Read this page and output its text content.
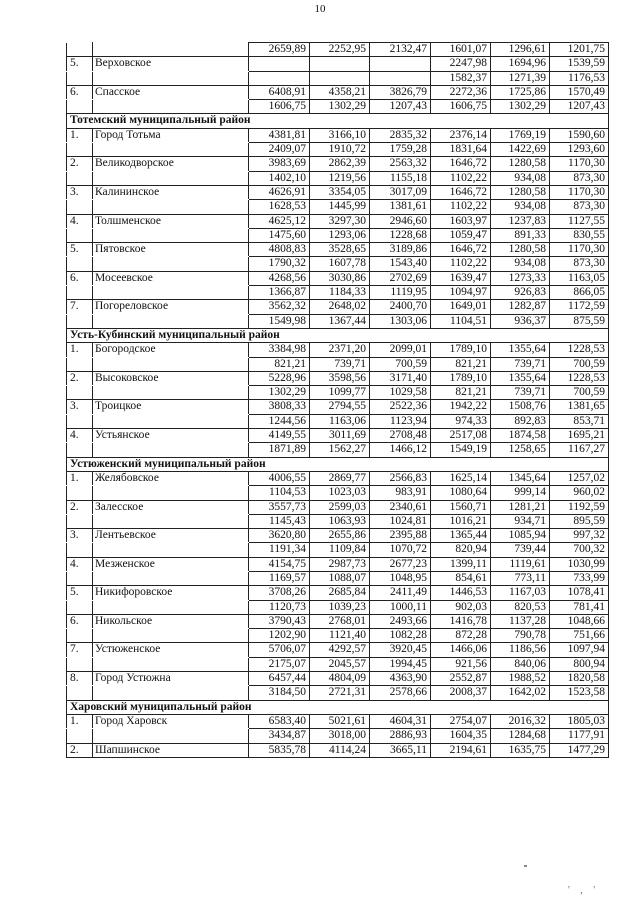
10
		2659,89	2252,95	2132,47	1601,07	1296,61	1201,75
5.	Верховское				2247,98	1694,96	1539,59
					1582,37	1271,39	1176,53
6.	Спасское	6408,91	4358,21	3826,79	2272,36	1725,86	1570,49
		1606,75	1302,29	1207,43	1606,75	1302,29	1207,43
Тотемский муниципальный район							
1.	Город Тотьма	4381,81	3166,10	2835,32	2376,14	1769,19	1590,60
		2409,07	1910,72	1759,28	1831,64	1422,69	1293,60
2.	Великодворское	3983,69	2862,39	2563,32	1646,72	1280,58	1170,30
		1402,10	1219,56	1155,18	1102,22	934,08	873,30
3.	Калининское	4626,91	3354,05	3017,09	1646,72	1280,58	1170,30
		1628,53	1445,99	1381,61	1102,22	934,08	873,30
4.	Толшменское	4625,12	3297,30	2946,60	1603,97	1237,83	1127,55
		1475,60	1293,06	1228,68	1059,47	891,33	830,55
5.	Пятовское	4808,83	3528,65	3189,86	1646,72	1280,58	1170,30
		1790,32	1607,78	1543,40	1102,22	934,08	873,30
6.	Мосеевское	4268,56	3030,86	2702,69	1639,47	1273,33	1163,05
		1366,87	1184,33	1119,95	1094,97	926,83	866,05
7.	Погореловское	3562,32	2648,02	2400,70	1649,01	1282,87	1172,59
		1549,98	1367,44	1303,06	1104,51	936,37	875,59
Усть-Кубинский муниципальный район							
1.	Богородское	3384,98	2371,20	2099,01	1789,10	1355,64	1228,53
		821,21	739,71	700,59	821,21	739,71	700,59
2.	Высоковское	5228,96	3598,56	3171,40	1789,10	1355,64	1228,53
		1302,29	1099,77	1029,58	821,21	739,71	700,59
3.	Троицкое	3808,33	2794,55	2522,36	1942,22	1508,76	1381,65
		1244,56	1163,06	1123,94	974,33	892,83	853,71
4.	Устьянское	4149,55	3011,69	2708,48	2517,08	1874,58	1695,21
		1871,89	1562,27	1466,12	1549,19	1258,65	1167,27
Устюженский муниципальный район							
1.	Желябовское	4006,55	2869,77	2566,83	1625,14	1345,64	1257,02
		1104,53	1023,03	983,91	1080,64	999,14	960,02
2.	Залесское	3557,73	2599,03	2340,61	1560,71	1281,21	1192,59
		1145,43	1063,93	1024,81	1016,21	934,71	895,59
3.	Лентьевское	3620,80	2655,86	2395,88	1365,44	1085,94	997,32
		1191,34	1109,84	1070,72	820,94	739,44	700,32
4.	Мезженское	4154,75	2987,73	2677,23	1399,11	1119,61	1030,99
		1169,57	1088,07	1048,95	854,61	773,11	733,99
5.	Никифоровское	3708,26	2685,84	2411,49	1446,53	1167,03	1078,41
		1120,73	1039,23	1000,11	902,03	820,53	781,41
6.	Никольское	3790,43	2768,01	2493,66	1416,78	1137,28	1048,66
		1202,90	1121,40	1082,28	872,28	790,78	751,66
7.	Устюженское	5706,07	4292,57	3920,45	1466,06	1186,56	1097,94
		2175,07	2045,57	1994,45	921,56	840,06	800,94
8.	Город Устюжна	6457,44	4804,09	4363,90	2552,87	1988,52	1820,58
		3184,50	2721,31	2578,66	2008,37	1642,02	1523,58
Харовский муниципальный район							
1.	Город Харовск	6583,40	5021,61	4604,31	2754,07	2016,32	1805,03
		3434,87	3018,00	2886,93	1604,35	1284,68	1177,91
2.	Шапшинское	5835,78	4114,24	3665,11	2194,61	1635,75	1477,29
' , '
